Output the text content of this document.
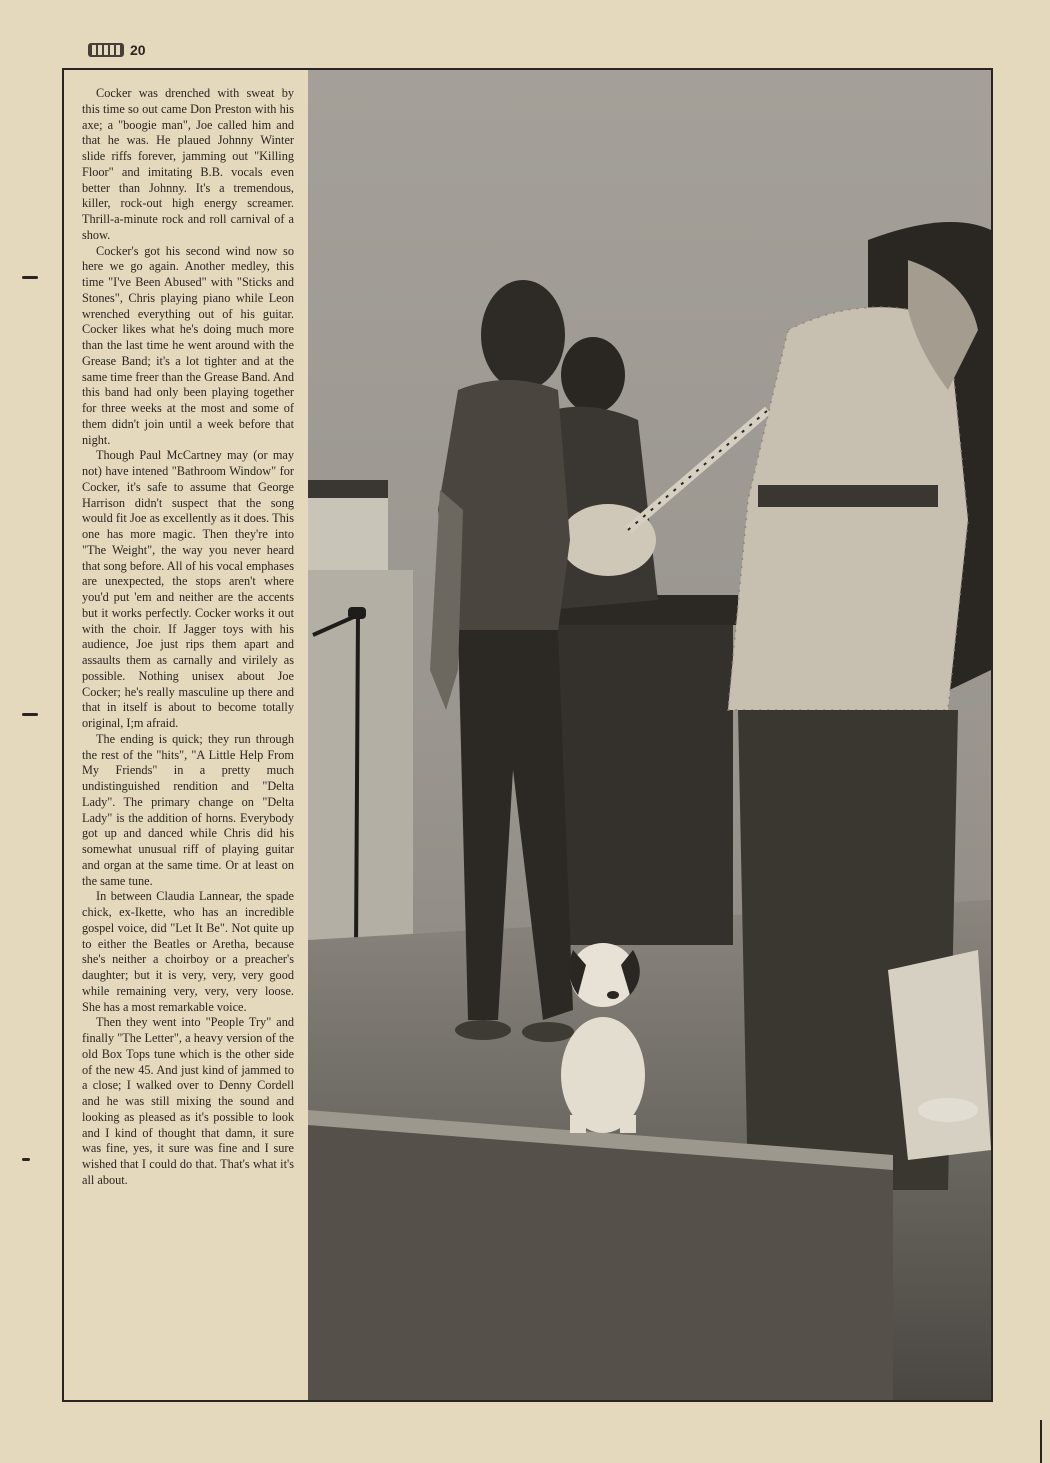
20

Cocker was drenched with sweat by this time so out came Don Preston with his axe; a "boogie man", Joe called him and that he was. He plaued Johnny Winter slide riffs forever, jamming out "Killing Floor" and imitating B.B. vocals even better than Johnny. It's a tremendous, killer, rock-out high energy screamer. Thrill-a-minute rock and roll carnival of a show.

Cocker's got his second wind now so here we go again. Another medley, this time "I've Been Abused" with "Sticks and Stones", Chris playing piano while Leon wrenched everything out of his guitar. Cocker likes what he's doing much more than the last time he went around with the Grease Band; it's a lot tighter and at the same time freer than the Grease Band. And this band had only been playing together for three weeks at the most and some of them didn't join until a week before that night.

Though Paul McCartney may (or may not) have intened "Bathroom Window" for Cocker, it's safe to assume that George Harrison didn't suspect that the song would fit Joe as excellently as it does. This one has more magic. Then they're into "The Weight", the way you never heard that song before. All of his vocal emphases are unexpected, the stops aren't where you'd put 'em and neither are the accents but it works perfectly. Cocker works it out with the choir. If Jagger toys with his audience, Joe just rips them apart and assaults them as carnally and virilely as possible. Nothing unisex about Joe Cocker; he's really masculine up there and that in itself is about to become totally original, I;m afraid.

The ending is quick; they run through the rest of the "hits", "A Little Help From My Friends" in a pretty much undistinguished rendition and "Delta Lady". The primary change on "Delta Lady" is the addition of horns. Everybody got up and danced while Chris did his somewhat unusual riff of playing guitar and organ at the same time. Or at least on the same tune.

In between Claudia Lannear, the spade chick, ex-Ikette, who has an incredible gospel voice, did "Let It Be". Not quite up to either the Beatles or Aretha, because she's neither a choirboy or a preacher's daughter; but it is very, very, very good while remaining very, very, very loose. She has a most remarkable voice.

Then they went into "People Try" and finally "The Letter", a heavy version of the old Box Tops tune which is the other side of the new 45. And just kind of jammed to a close; I walked over to Denny Cordell and he was still mixing the sound and looking as pleased as it's possible to look and I kind of thought that damn, it sure was fine, yes, it sure was fine and I sure wished that I could do that. That's what it's all about.
